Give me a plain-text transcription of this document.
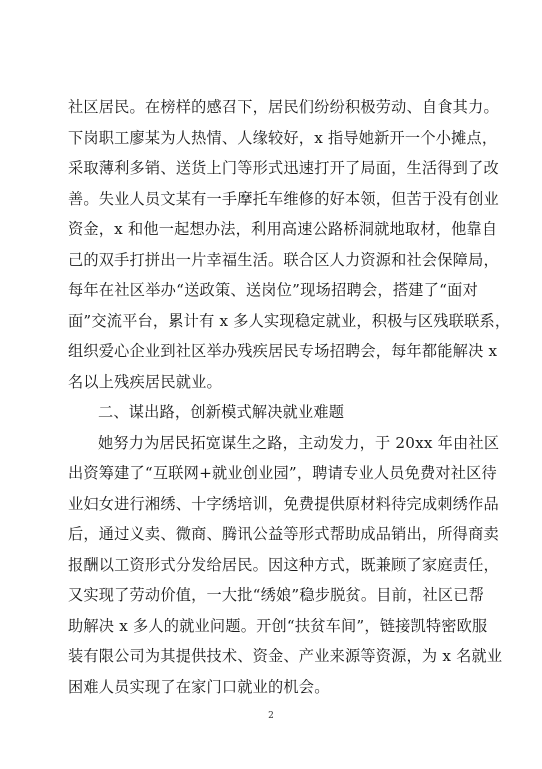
社区居民。在榜样的感召下，居民们纷纷积极劳动、自食其力。
下岗职工廖某为人热情、人缘较好，x 指导她新开一个小摊点，
采取薄利多销、送货上门等形式迅速打开了局面，生活得到了改
善。失业人员文某有一手摩托车维修的好本领，但苦于没有创业
资金，x 和他一起想办法，利用高速公路桥洞就地取材，他靠自
己的双手打拼出一片幸福生活。联合区人力资源和社会保障局，
每年在社区举办“送政策、送岗位”现场招聘会，搭建了“面对
面”交流平台，累计有 x 多人实现稳定就业，积极与区残联联系，
组织爱心企业到社区举办残疾居民专场招聘会，每年都能解决 x
名以上残疾居民就业。
二、谋出路，创新模式解决就业难题
她努力为居民拓宽谋生之路，主动发力，于 20xx 年由社区
出资筹建了“互联网+就业创业园”，聘请专业人员免费对社区待
业妇女进行湘绣、十字绣培训，免费提供原材料待完成刺绣作品
后，通过义卖、微商、腾讯公益等形式帮助成品销出，所得商卖
报酬以工资形式分发给居民。因这种方式，既兼顾了家庭责任，
又实现了劳动价值，一大批“绣娘”稳步脱贫。目前，社区已帮
助解决 x 多人的就业问题。开创“扶贫车间”，链接凯特密欧服
装有限公司为其提供技术、资金、产业来源等资源，为 x 名就业
困难人员实现了在家门口就业的机会。
2
